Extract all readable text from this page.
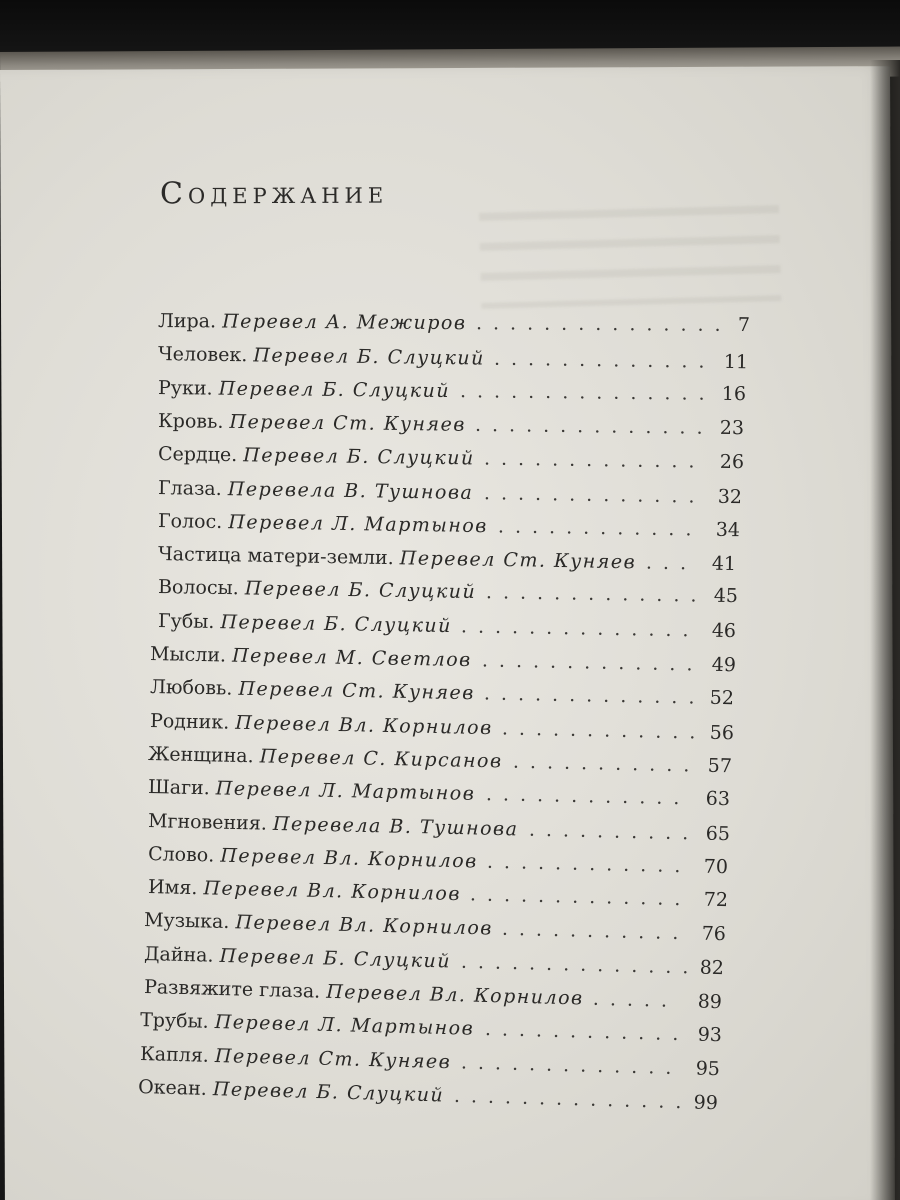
Содержание
Лира. Перевел А. Межиров ............... 7
Человек. Перевел Б. Слуцкий ............. 11
Руки. Перевел Б. Слуцкий ............... 16
Кровь. Перевел Ст. Куняев .............. 23
Сердце. Перевел Б. Слуцкий ............. 26
Глаза. Перевела В. Тушнова ............. 32
Голос. Перевел Л. Мартынов ............ 34
Частица матери-земли. Перевел Ст. Куняев ... 41
Волосы. Перевел Б. Слуцкий ............. 45
Губы. Перевел Б. Слуцкий .............. 46
Мысли. Перевел М. Светлов ............. 49
Любовь. Перевел Ст. Куняев ............. 52
Родник. Перевел Вл. Корнилов ............ 56
Женщина. Перевел С. Кирсанов ........... 57
Шаги. Перевел Л. Мартынов ............ 63
Мгновения. Перевела В. Тушнова .......... 65
Слово. Перевел Вл. Корнилов ............ 70
Имя. Перевел Вл. Корнилов ............. 72
Музыка. Перевел Вл. Корнилов ........... 76
Дайна. Перевел Б. Слуцкий .............. 82
Развяжите глаза. Перевел Вл. Корнилов ..... 89
Трубы. Перевел Л. Мартынов ............ 93
Капля. Перевел Ст. Куняев ............. 95
Океан. Перевел Б. Слуцкий .............. 99
